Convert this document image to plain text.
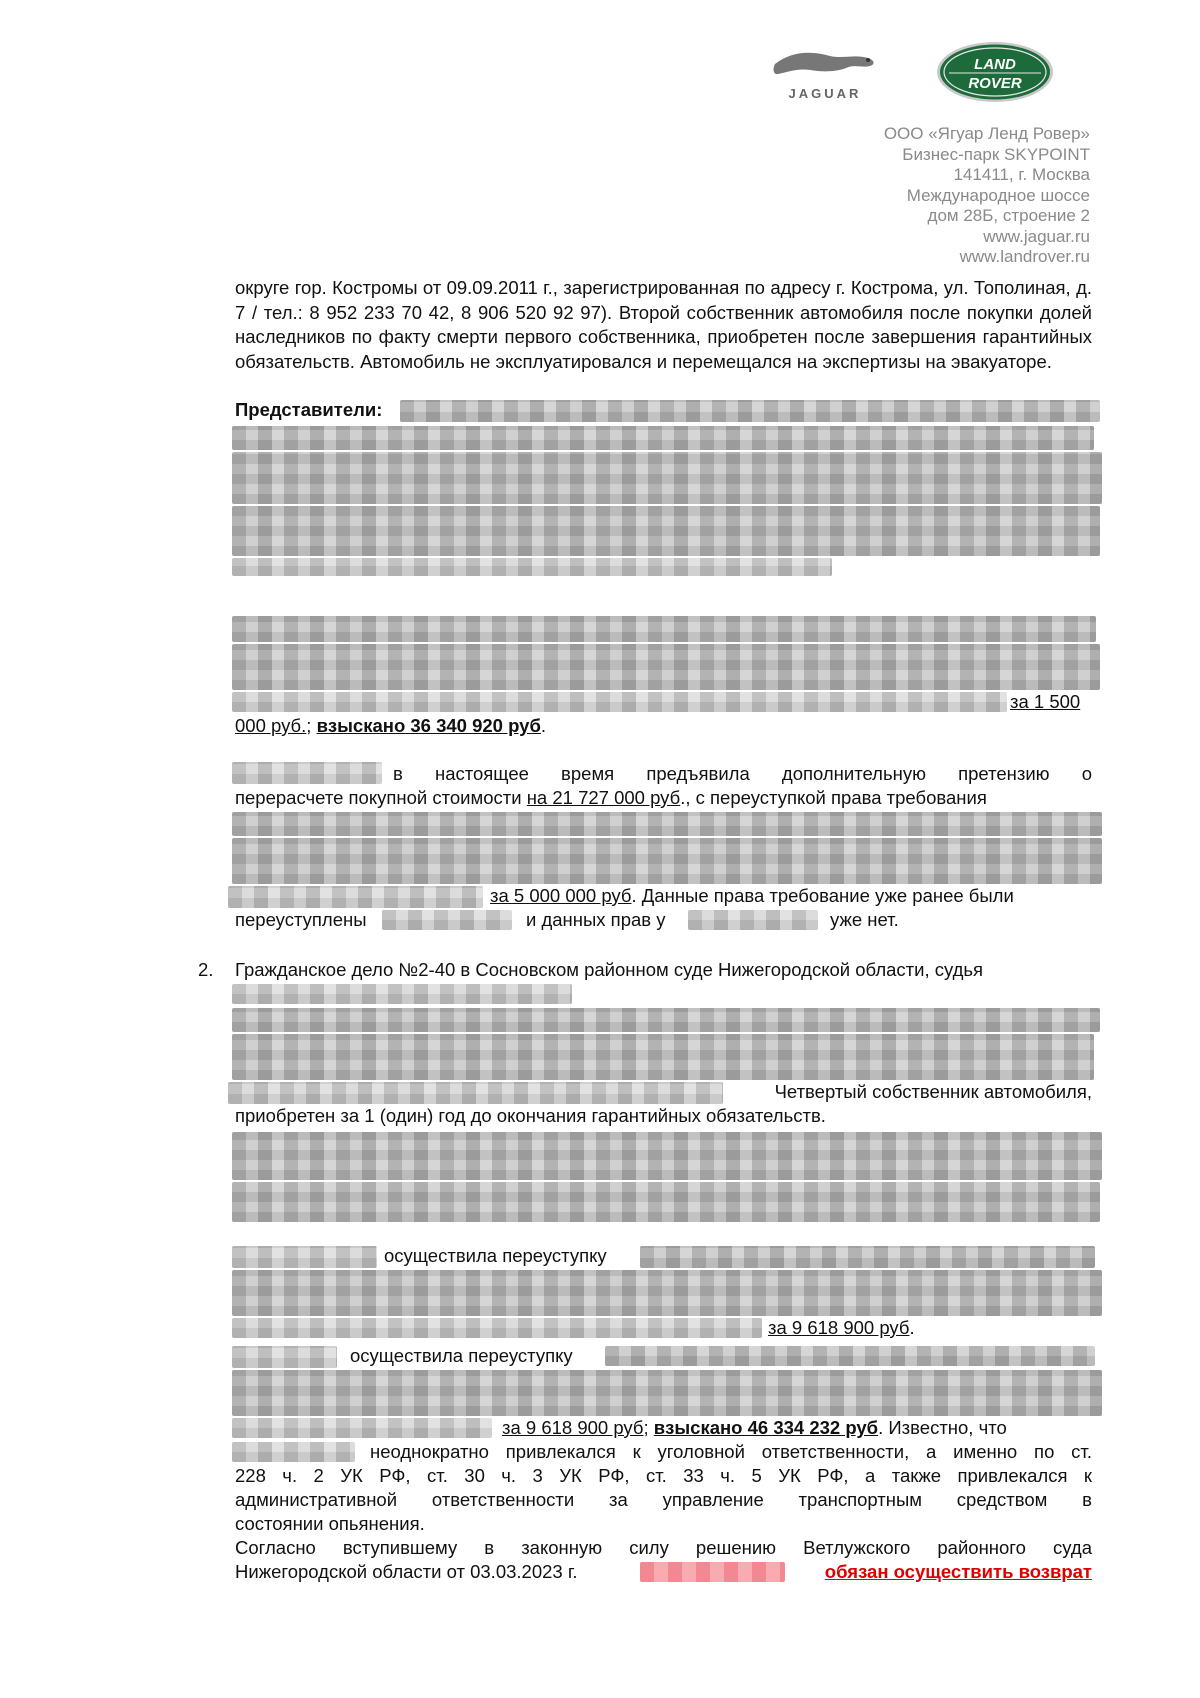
JAGUAR
LAND
ROVER
ООО «Ягуар Ленд Ровер»
Бизнес-парк SKYPOINT
141411, г. Москва
Международное шоссе
дом 28Б, строение 2
www.jaguar.ru
www.landrover.ru
округе гор. Костромы от 09.09.2011 г., зарегистрированная по адресу г. Кострома, ул. Тополиная, д. 7 / тел.: 8 952 233 70 42, 8 906 520 92 97). Второй собственник автомобиля после покупки долей наследников по факту смерти первого собственника, приобретен после завершения гарантийных обязательств. Автомобиль не эксплуатировался и перемещался на экспертизы на эвакуаторе.
Представители:
за 1 500
000 руб.; взыскано 36 340 920 руб.
в настоящее время предъявила дополнительную претензию о
перерасчете покупной стоимости на 21 727 000 руб., с переуступкой права требования
за 5 000 000 руб. Данные права требование уже ранее были
переуступлены	и данных прав у	уже нет.
2. Гражданское дело №2-40 в Сосновском районном суде Нижегородской области, судья
Четвертый собственник автомобиля,
приобретен за 1 (один) год до окончания гарантийных обязательств.
осуществила переуступку
за 9 618 900 руб.
осуществила переуступку
за 9 618 900 руб; взыскано 46 334 232 руб. Известно, что
неоднократно привлекался к уголовной ответственности, а именно по ст.
228 ч. 2 УК РФ, ст. 30 ч. 3 УК РФ, ст. 33 ч. 5 УК РФ, а также привлекался к
административной ответственности за управление транспортным средством в
состоянии опьянения.
Согласно вступившему в законную силу решению Ветлужского районного суда
Нижегородской области от 03.03.2023 г.	обязан осуществить возврат
